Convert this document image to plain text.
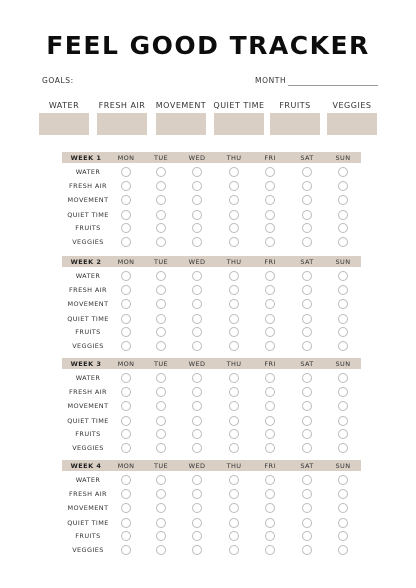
FEEL GOOD TRACKER
GOALS:	MONTH
WATER	FRESH AIR	MOVEMENT QUIET TIME	FRUITS	VEGGIES
WEEK 1	MON	TUE	WED	THU	FRI	SAT	SUN
WATER
FRESH AIR
MOVEMENT
QUIET TIME
FRUITS
VEGGIES
WEEK 2	MON	TUE	WED	THU	FRI	SAT	SUN
WATER
FRESH AIR
MOVEMENT
QUIET TIME
FRUITS
VEGGIES
WEEK 3	MON	TUE	WED	THU	FRI	SAT	SUN
WATER
FRESH AIR
MOVEMENT
QUIET TIME
FRUITS
VEGGIES
WEEK 4	MON	TUE	WED	THU	FRI	SAT	SUN
WATER
FRESH AIR
MOVEMENT
QUIET TIME
FRUITS
VEGGIES
